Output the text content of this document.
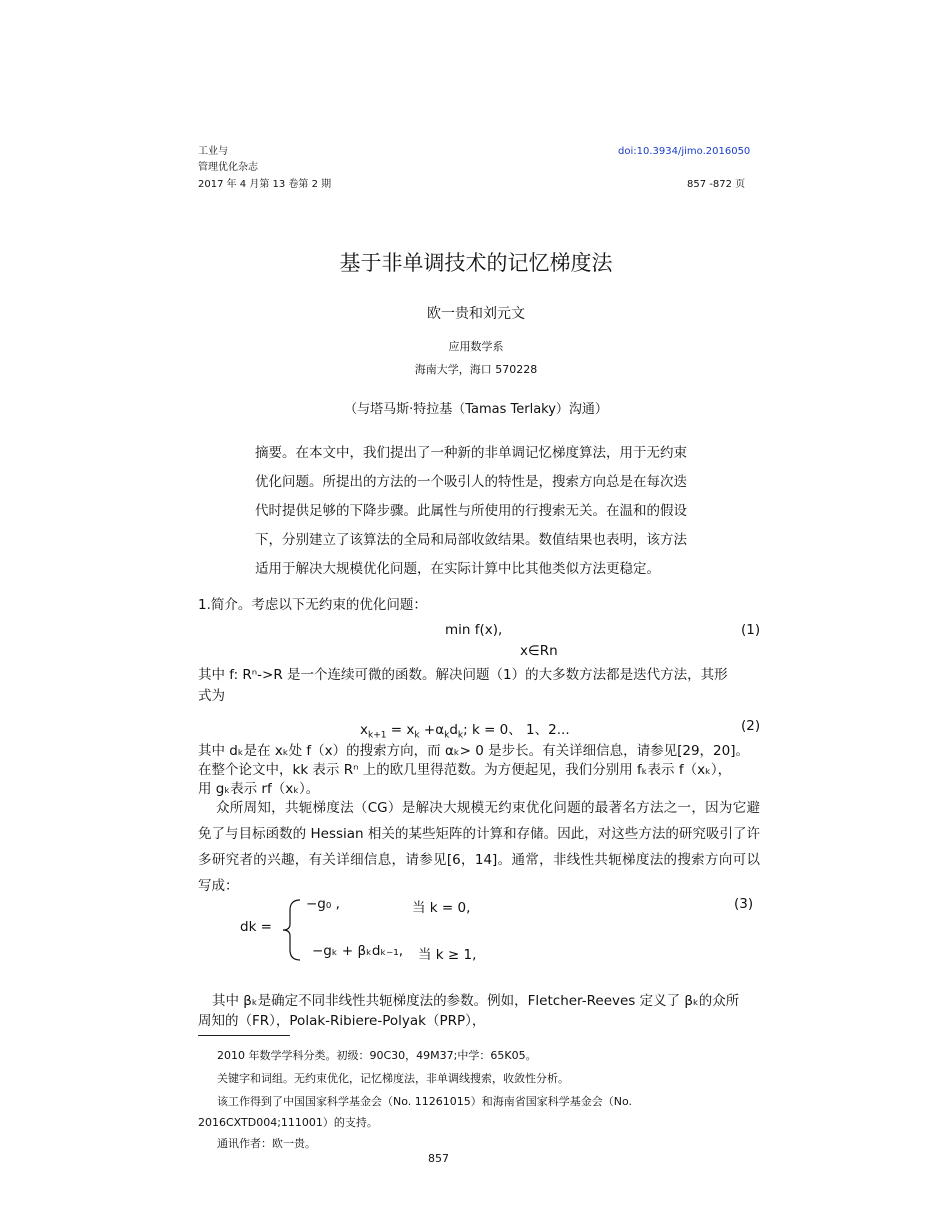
工业与
管理优化杂志
2017 年 4 月第 13 卷第 2 期
doi:10.3934/jimo.2016050
857 -872 页
基于非单调技术的记忆梯度法
欧一贵和刘元文
应用数学系
海南大学，海口 570228
（与塔马斯·特拉基（Tamas Terlaky）沟通）

摘要。在本文中，我们提出了一种新的非单调记忆梯度算法，用于无约束

优化问题。所提出的方法的一个吸引人的特性是，搜索方向总是在每次迭

代时提供足够的下降步骤。此属性与所使用的行搜索无关。在温和的假设

下，分别建立了该算法的全局和局部收敛结果。数值结果也表明，该方法

适用于解决大规模优化问题，在实际计算中比其他类似方法更稳定。

1.简介。考虑以下无约束的优化问题：
min f(x),	(1)
x∈Rn
其中 f: Rⁿ->R 是一个连续可微的函数。解决问题（1）的大多数方法都是迭代方法，其形
式为
$x_{k+1} = x_k +\alpha_kd_k$; k = 0、 1、2...	(2)
其中 dₖ是在 xₖ处 f（x）的搜索方向，而 αₖ> 0 是步长。有关详细信息，请参见[29，20]。
在整个论文中，kk 表示 Rⁿ 上的欧几里得范数。为方便起见，我们分别用 fₖ表示 f（xₖ），
用 gₖ表示 rf（xₖ）。

众所周知，共轭梯度法（CG）是解决大规模无约束优化问题的最著名方法之一，因为它避免了与目标函数的 Hessian 相关的某些矩阵的计算和存储。因此，对这些方法的研究吸引了许多研究者的兴趣，有关详细信息，请参见[6，14]。通常，非线性共轭梯度法的搜索方向可以写成：

dk =
−g₀ ,	当 k = 0,	(3)
−gₖ + βₖdₖ₋₁, 当 k ≥ 1,
其中 βₖ是确定不同非线性共轭梯度法的参数。例如，Fletcher-Reeves 定义了 βₖ的众所
周知的（FR），Polak-Ribiere-Polyak（PRP），
2010 年数学学科分类。初级：90C30，49M37;中学：65K05。
关键字和词组。无约束优化，记忆梯度法，非单调线搜索，收敛性分析。
该工作得到了中国国家科学基金会（No. 11261015）和海南省国家科学基金会（No.
2016CXTD004;111001）的支持。
通讯作者：欧一贵。
857
